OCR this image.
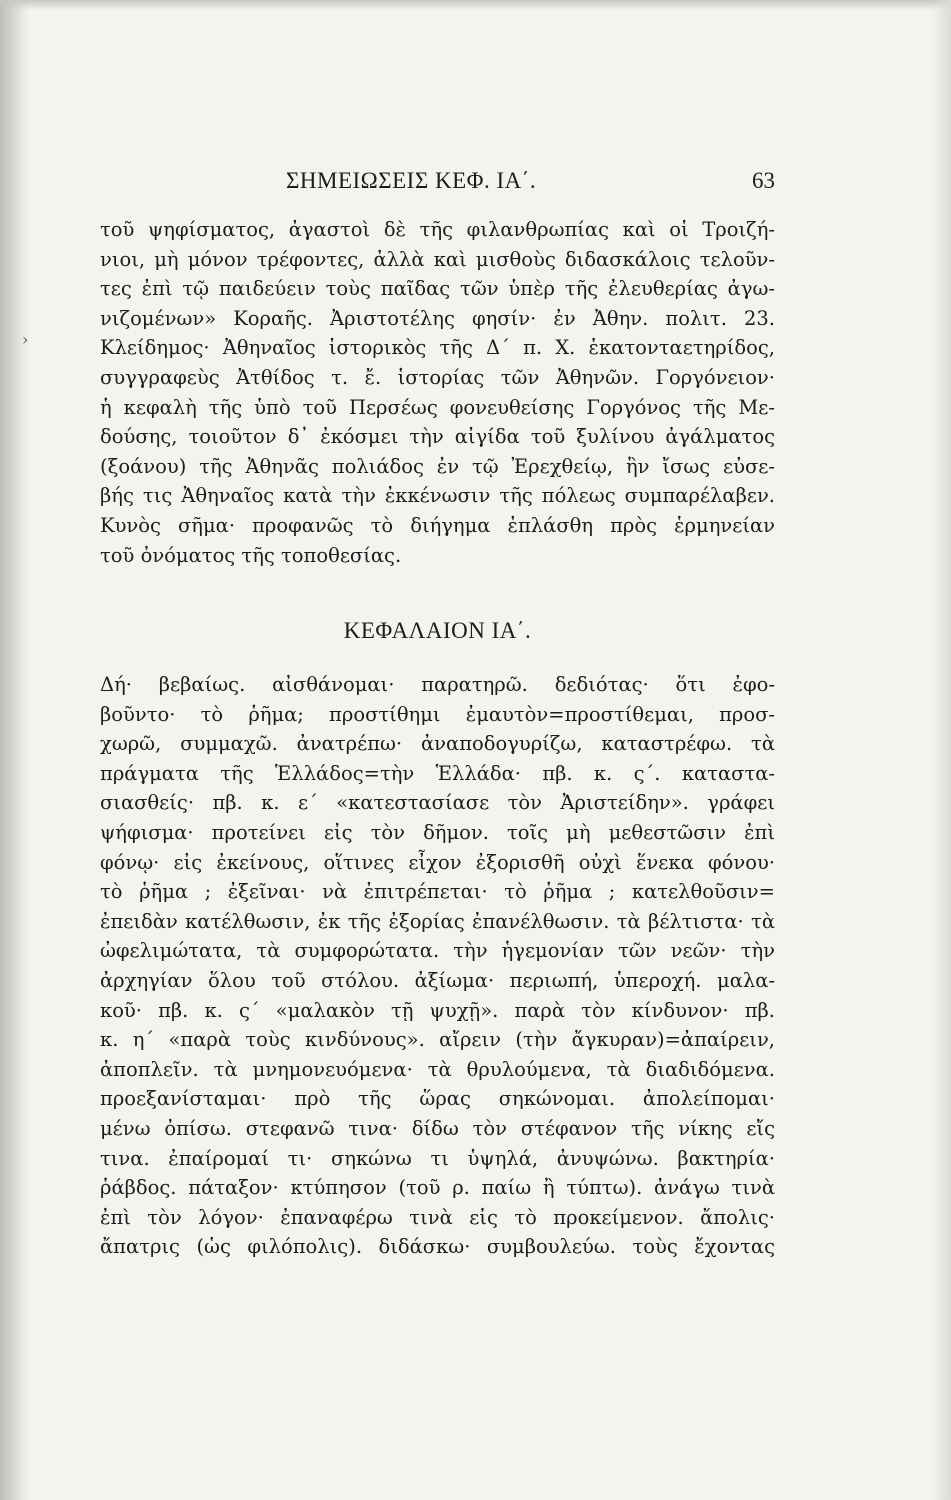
ΣΗΜΕΙΩΣΕΙΣ ΚΕΦ. ΙΑ΄.	63
τοῦ ψηφίσματος, ἀγαστοὶ δὲ τῆς φιλανθρωπίας καὶ οἱ Τροιζή-
νιοι, μὴ μόνον τρέφοντες, ἀλλὰ καὶ μισθοὺς διδασκάλοις τελοῦν-
τες ἐπὶ τῷ παιδεύειν τοὺς παῖδας τῶν ὑπὲρ τῆς ἐλευθερίας ἀγω-
νιζομένων» Κοραῆς. Ἀριστοτέλης φησίν· ἐν Ἀθην. πολιτ. 23.
Κλείδημος· Ἀθηναῖος ἱστορικὸς τῆς Δ΄ π. Χ. ἑκατονταετηρίδος,
συγγραφεὺς Ἀτθίδος τ. ἔ. ἱστορίας τῶν Ἀθηνῶν. Γοργόνειον·
ἡ κεφαλὴ τῆς ὑπὸ τοῦ Περσέως φονευθείσης Γοργόνος τῆς Με-
δούσης, τοιοῦτον δ᾽ ἐκόσμει τὴν αἰγίδα τοῦ ξυλίνου ἀγάλματος
(ξοάνου) τῆς Ἀθηνᾶς πολιάδος ἐν τῷ Ἐρεχθείῳ, ἣν ἴσως εὐσε-
βής τις Ἀθηναῖος κατὰ τὴν ἐκκένωσιν τῆς πόλεως συμπαρέλαβεν.
Κυνὸς σῆμα· προφανῶς τὸ διήγημα ἐπλάσθη πρὸς ἑρμηνείαν
τοῦ ὀνόματος τῆς τοποθεσίας.
ΚΕΦΑΛΑΙΟΝ ΙΑ΄.
Δή· βεβαίως. αἰσθάνομαι· παρατηρῶ. δεδιότας· ὅτι ἐφο-
βοῦντο· τὸ ῥῆμα; προστίθημι ἐμαυτὸν=προστίθεμαι, προσ-
χωρῶ, συμμαχῶ. ἀνατρέπω· ἀναποδογυρίζω, καταστρέφω. τὰ
πράγματα τῆς Ἑλλάδος=τὴν Ἑλλάδα· πβ. κ. ς΄. καταστα-
σιασθείς· πβ. κ. ε΄ «κατεστασίασε τὸν Ἀριστείδην». γράφει
ψήφισμα· προτείνει εἰς τὸν δῆμον. τοῖς μὴ μεθεστῶσιν ἐπὶ
φόνῳ· εἰς ἐκείνους, οἵτινες εἶχον ἐξορισθῆ οὐχὶ ἕνεκα φόνου·
τὸ ῥῆμα ; ἐξεῖναι· νὰ ἐπιτρέπεται· τὸ ῥῆμα ; κατελθοῦσιν=
ἐπειδὰν κατέλθωσιν, ἐκ τῆς ἐξορίας ἐπανέλθωσιν. τὰ βέλτιστα· τὰ
ὠφελιμώτατα, τὰ συμφορώτατα. τὴν ἡγεμονίαν τῶν νεῶν· τὴν
ἀρχηγίαν ὅλου τοῦ στόλου. ἀξίωμα· περιωπή, ὑπεροχή. μαλα-
κοῦ· πβ. κ. ς΄ «μαλακὸν τῇ ψυχῇ». παρὰ τὸν κίνδυνον· πβ.
κ. η΄ «παρὰ τοὺς κινδύνους». αἴρειν (τὴν ἄγκυραν)=ἀπαίρειν,
ἀποπλεῖν. τὰ μνημονευόμενα· τὰ θρυλούμενα, τὰ διαδιδόμενα.
προεξανίσταμαι· πρὸ τῆς ὥρας σηκώνομαι. ἀπολείπομαι·
μένω ὀπίσω. στεφανῶ τινα· δίδω τὸν στέφανον τῆς νίκης εἴς
τινα. ἐπαίρομαί τι· σηκώνω τι ὑψηλά, ἀνυψώνω. βακτηρία·
ῥάβδος. πάταξον· κτύπησον (τοῦ ρ. παίω ἢ τύπτω). ἀνάγω τινὰ
ἐπὶ τὸν λόγον· ἐπαναφέρω τινὰ εἰς τὸ προκείμενον. ἄπολις·
ἄπατρις (ὡς φιλόπολις). διδάσκω· συμβουλεύω. τοὺς ἔχοντας
›
